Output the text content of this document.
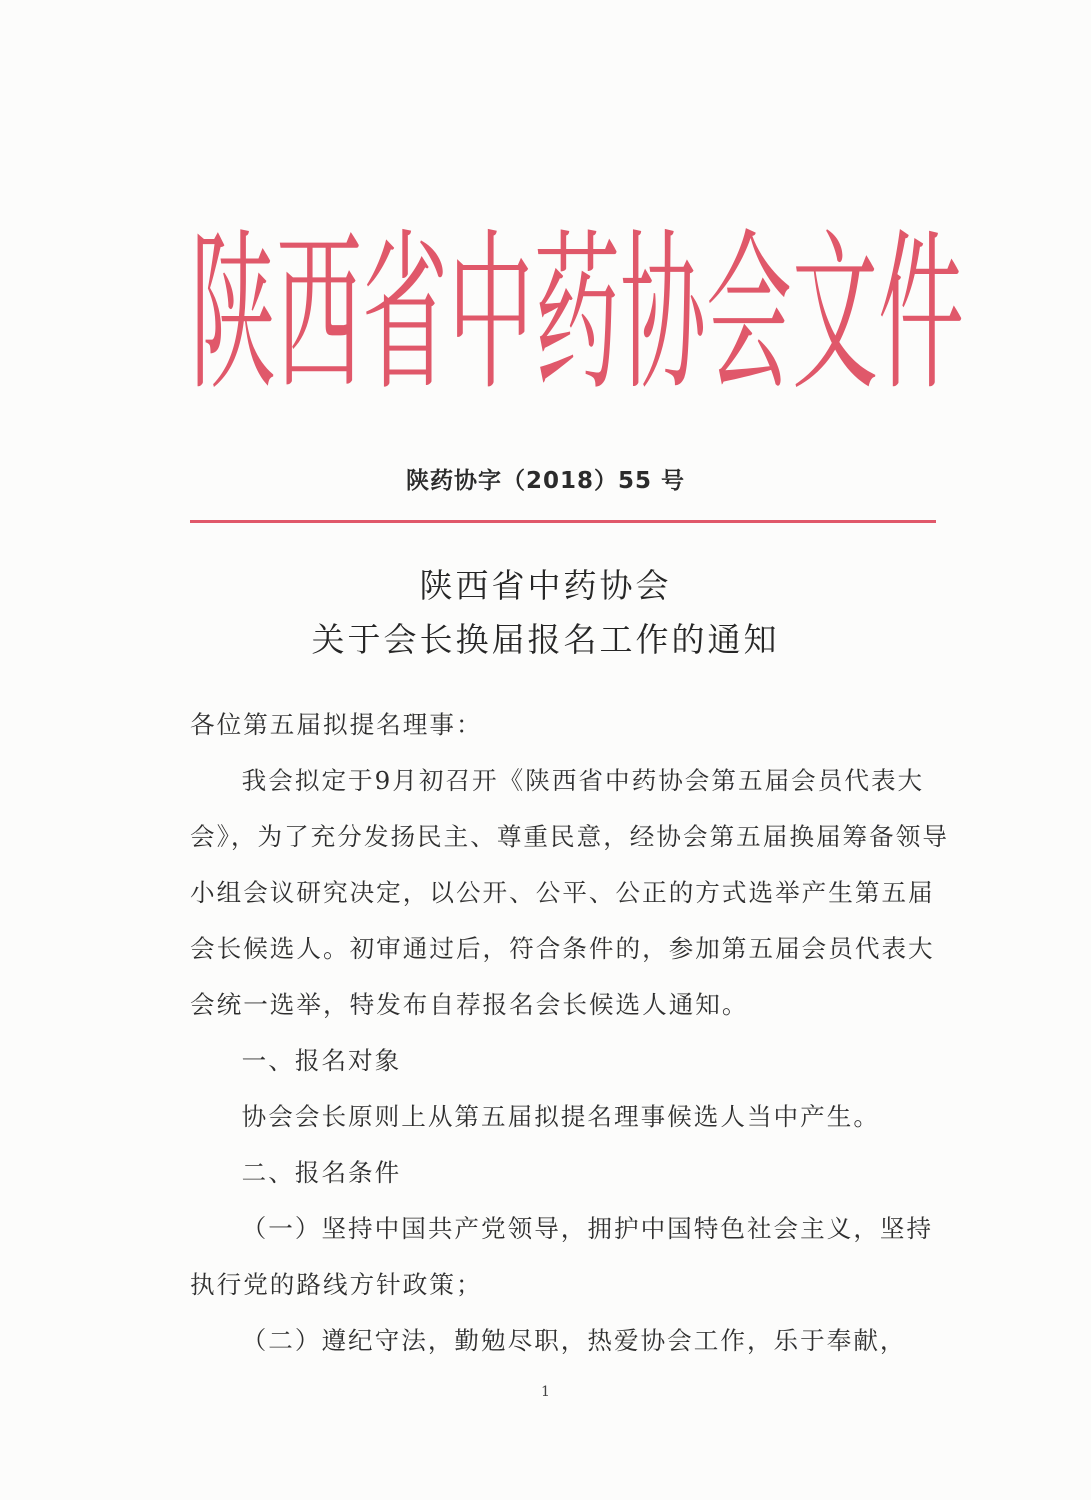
陕 西 省 中 药 协 会 文 件
陕药协字（2018）55 号
陕西省中药协会
关于会长换届报名工作的通知

各位第五届拟提名理事：

我会拟定于9月初召开《陕西省中药协会第五届会员代表大会》，为了充分发扬民主、尊重民意，经协会第五届换届筹备领导小组会议研究决定，以公开、公平、公正的方式选举产生第五届会长候选人。初审通过后，符合条件的，参加第五届会员代表大会统一选举，特发布自荐报名会长候选人通知。

一、报名对象

协会会长原则上从第五届拟提名理事候选人当中产生。

二、报名条件

（一）坚持中国共产党领导，拥护中国特色社会主义，坚持执行党的路线方针政策；

（二）遵纪守法，勤勉尽职，热爱协会工作，乐于奉献，

1
